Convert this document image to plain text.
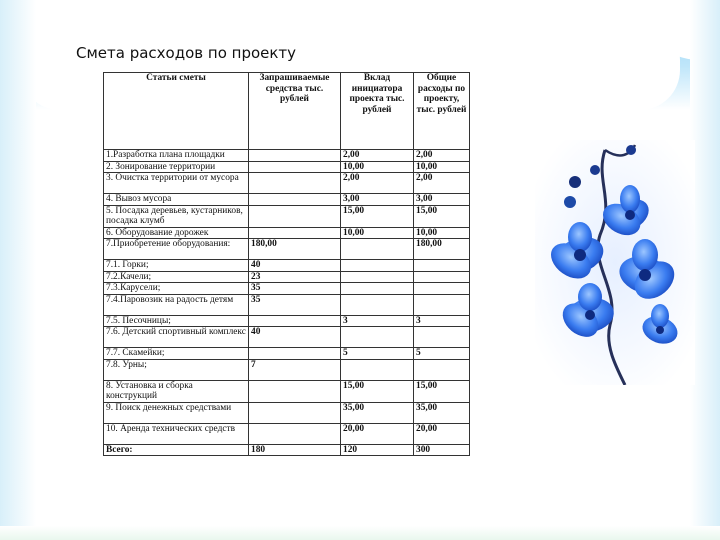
Смета расходов по проекту
Статьи сметы	Запрашиваемые средства тыс. рублей	Вклад инициатора проекта тыс. рублей	Общие расходы по проекту, тыс. рублей
1.Разработка плана площадки		2,00	2,00
2. Зонирование территории		10,00	10,00
3. Очистка территории от мусора		2,00	2,00
4. Вывоз мусора		3,00	3,00
5. Посадка деревьев, кустарников, посадка клумб		15,00	15,00
6. Оборудование дорожек		10,00	10,00
7.Приобретение оборудования:	180,00		180,00
7.1. Горки;	40		
7.2.Качели;	23		
7.3.Карусели;	35		
7.4.Паровозик на радость детям	35		
7.5. Песочницы;		3	3
7.6. Детский спортивный комплекс	40		
7.7. Скамейки;		5	5
7.8. Урны;	7		
8. Установка и сборка конструкций		15,00	15,00
9. Поиск денежных средствами		35,00	35,00
10. Аренда технических средств		20,00	20,00
Всего:	180	120	300
